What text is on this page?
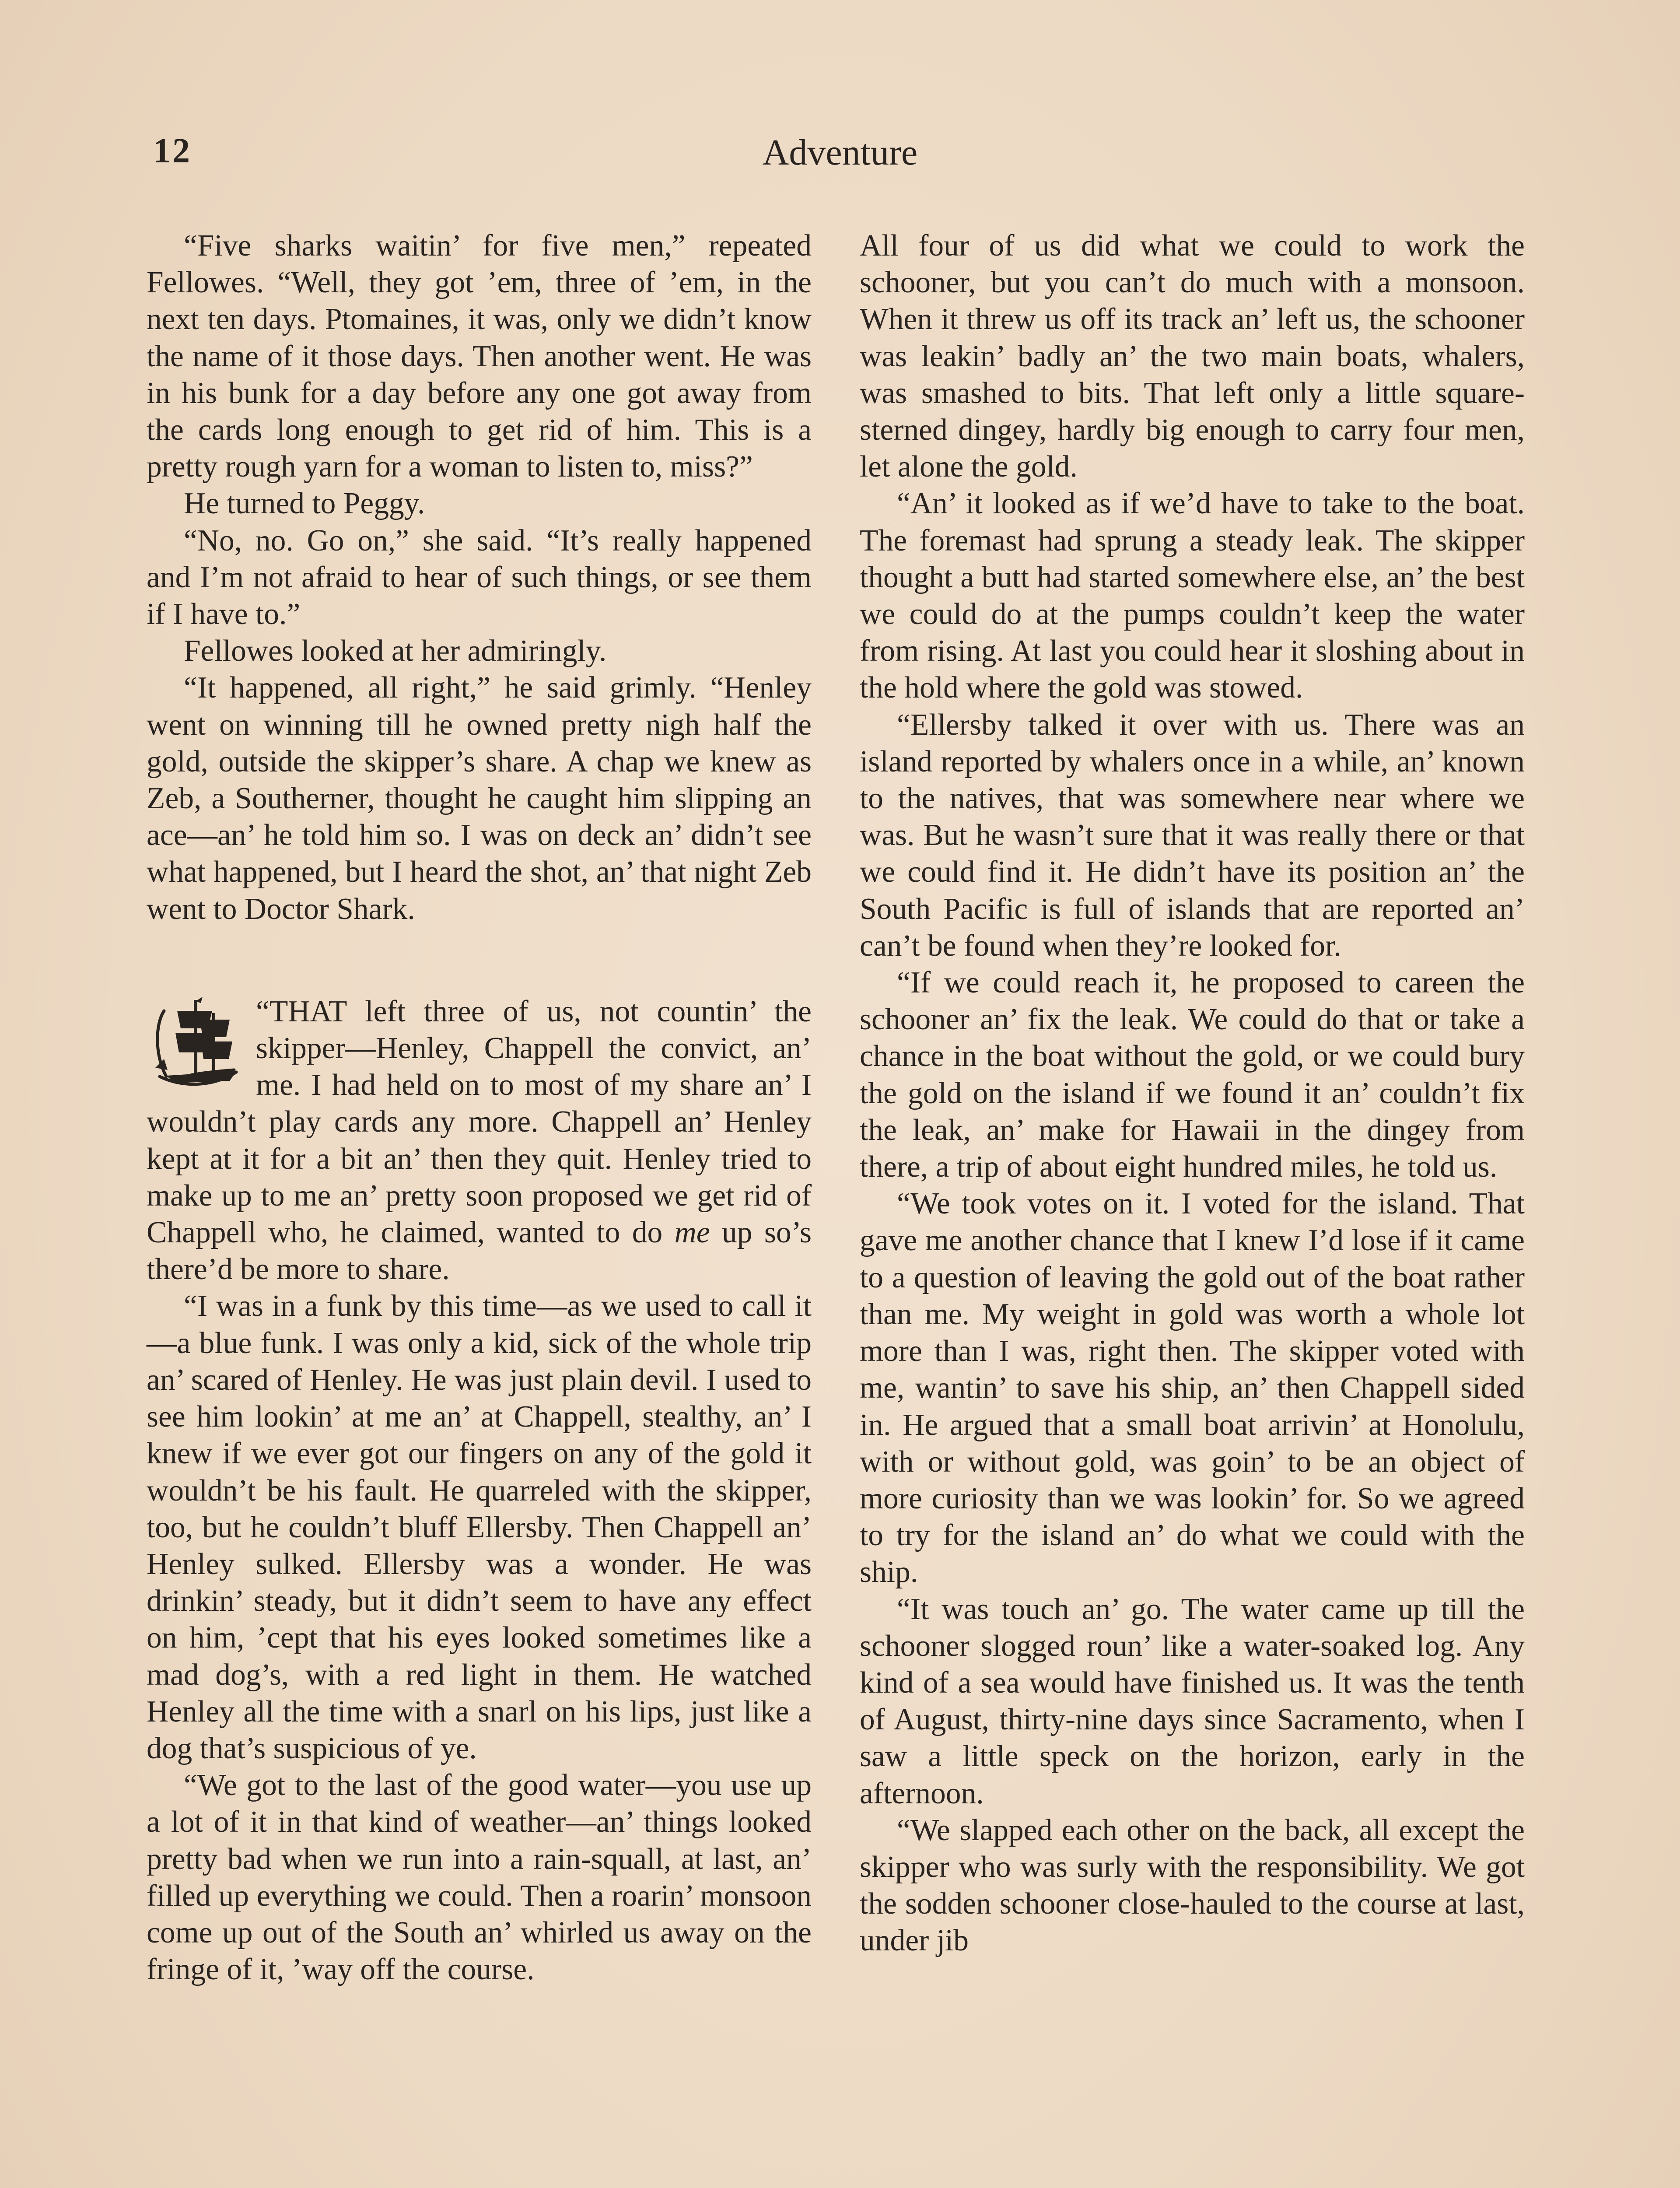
12	Adventure

“Five sharks waitin’ for five men,” repeated Fellowes. “Well, they got ’em, three of ’em, in the next ten days. Ptomaines, it was, only we didn’t know the name of it those days. Then another went. He was in his bunk for a day before any one got away from the cards long enough to get rid of him. This is a pretty rough yarn for a woman to listen to, miss?”

He turned to Peggy.

“No, no. Go on,” she said. “It’s really happened and I’m not afraid to hear of such things, or see them if I have to.”

Fellowes looked at her admiringly.

“It happened, all right,” he said grimly. “Henley went on winning till he owned pretty nigh half the gold, outside the skipper’s share. A chap we knew as Zeb, a Southerner, thought he caught him slipping an ace—an’ he told him so. I was on deck an’ didn’t see what happened, but I heard the shot, an’ that night Zeb went to Doctor Shark.

“THAT left three of us, not countin’ the skipper—Henley, Chappell the convict, an’ me. I had held on to most of my share an’ I wouldn’t play cards any more. Chappell an’ Henley kept at it for a bit an’ then they quit. Henley tried to make up to me an’ pretty soon proposed we get rid of Chappell who, he claimed, wanted to do me up so’s there’d be more to share.

“I was in a funk by this time—as we used to call it—a blue funk. I was only a kid, sick of the whole trip an’ scared of Henley. He was just plain devil. I used to see him lookin’ at me an’ at Chappell, stealthy, an’ I knew if we ever got our fingers on any of the gold it wouldn’t be his fault. He quarreled with the skipper, too, but he couldn’t bluff Ellersby. Then Chappell an’ Henley sulked. Ellersby was a wonder. He was drinkin’ steady, but it didn’t seem to have any effect on him, ’cept that his eyes looked sometimes like a mad dog’s, with a red light in them. He watched Henley all the time with a snarl on his lips, just like a dog that’s suspicious of ye.

“We got to the last of the good water—you use up a lot of it in that kind of weather—an’ things looked pretty bad when we run into a rain-squall, at last, an’ filled up everything we could. Then a roarin’ monsoon come up out of the South an’ whirled us away on the fringe of it, ’way off the course.

All four of us did what we could to work the schooner, but you can’t do much with a monsoon. When it threw us off its track an’ left us, the schooner was leakin’ badly an’ the two main boats, whalers, was smashed to bits. That left only a little square-sterned dingey, hardly big enough to carry four men, let alone the gold.

“An’ it looked as if we’d have to take to the boat. The foremast had sprung a steady leak. The skipper thought a butt had started somewhere else, an’ the best we could do at the pumps couldn’t keep the water from rising. At last you could hear it sloshing about in the hold where the gold was stowed.

“Ellersby talked it over with us. There was an island reported by whalers once in a while, an’ known to the natives, that was somewhere near where we was. But he wasn’t sure that it was really there or that we could find it. He didn’t have its position an’ the South Pacific is full of islands that are reported an’ can’t be found when they’re looked for.

“If we could reach it, he proposed to careen the schooner an’ fix the leak. We could do that or take a chance in the boat without the gold, or we could bury the gold on the island if we found it an’ couldn’t fix the leak, an’ make for Hawaii in the dingey from there, a trip of about eight hundred miles, he told us.

“We took votes on it. I voted for the island. That gave me another chance that I knew I’d lose if it came to a question of leaving the gold out of the boat rather than me. My weight in gold was worth a whole lot more than I was, right then. The skipper voted with me, wantin’ to save his ship, an’ then Chappell sided in. He argued that a small boat arrivin’ at Honolulu, with or without gold, was goin’ to be an object of more curiosity than we was lookin’ for. So we agreed to try for the island an’ do what we could with the ship.

“It was touch an’ go. The water came up till the schooner slogged roun’ like a water-soaked log. Any kind of a sea would have finished us. It was the tenth of August, thirty-nine days since Sacramento, when I saw a little speck on the horizon, early in the afternoon.

“We slapped each other on the back, all except the skipper who was surly with the responsibility. We got the sodden schooner close-hauled to the course at last, under jib
